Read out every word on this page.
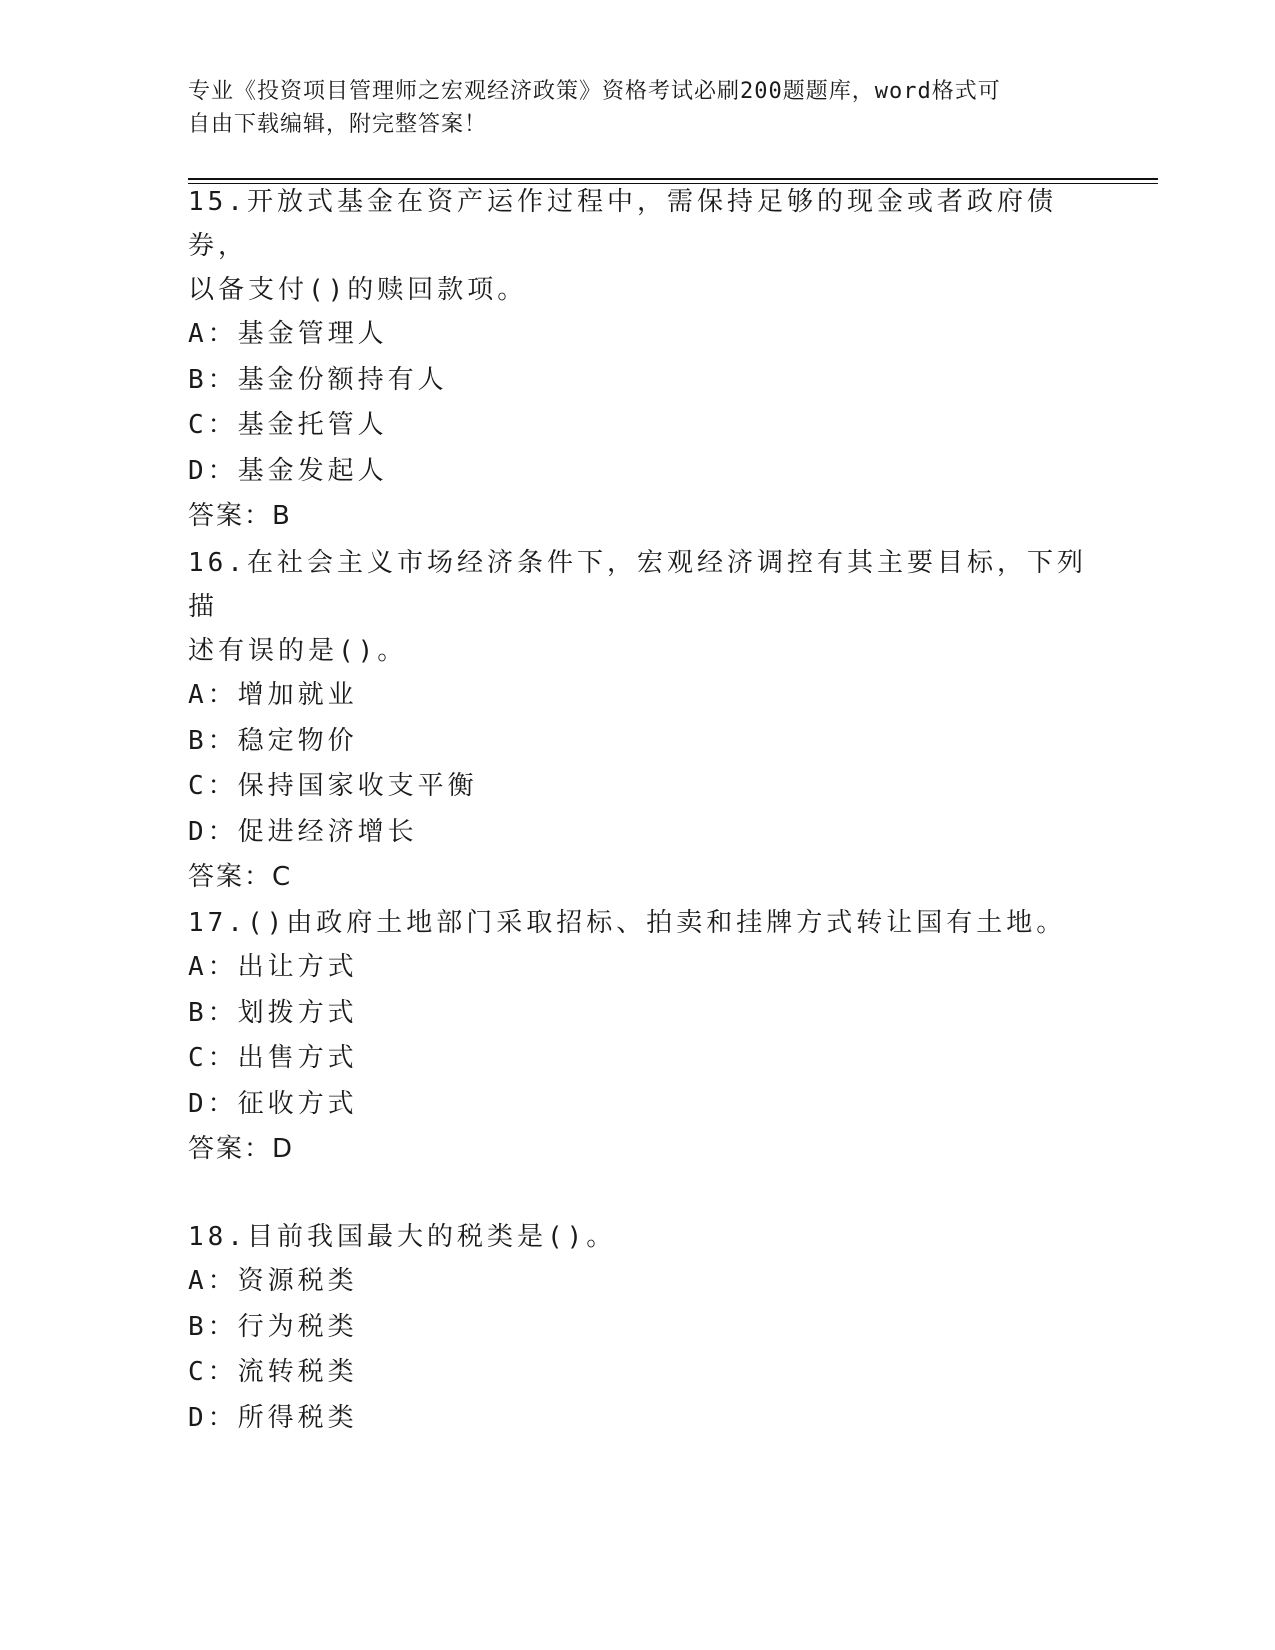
专业《投资项目管理师之宏观经济政策》资格考试必刷200题题库，word格式可
自由下载编辑，附完整答案！

15.开放式基金在资产运作过程中，需保持足够的现金或者政府债券，

以备支付()的赎回款项。

A：基金管理人

B：基金份额持有人

C：基金托管人

D：基金发起人

答案：B

16.在社会主义市场经济条件下，宏观经济调控有其主要目标，下列描

述有误的是()。

A：增加就业

B：稳定物价

C：保持国家收支平衡

D：促进经济增长

答案：C

17.()由政府土地部门采取招标、拍卖和挂牌方式转让国有土地。

A：出让方式

B：划拨方式

C：出售方式

D：征收方式

答案：D

18.目前我国最大的税类是()。

A：资源税类

B：行为税类

C：流转税类

D：所得税类
